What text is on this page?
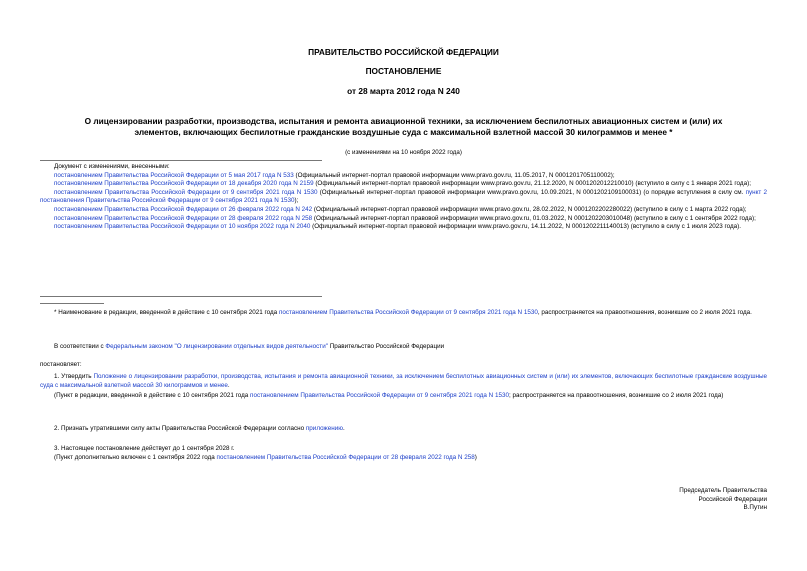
ПРАВИТЕЛЬСТВО РОССИЙСКОЙ ФЕДЕРАЦИИ
ПОСТАНОВЛЕНИЕ
от 28 марта 2012 года N 240
О лицензировании разработки, производства, испытания и ремонта авиационной техники, за исключением беспилотных авиационных систем и (или) их
элементов, включающих беспилотные гражданские воздушные суда с максимальной взлетной массой 30 килограммов и менее *
(с изменениями на 10 ноября 2022 года)
Документ с изменениями, внесенными:
постановлением Правительства Российской Федерации от 5 мая 2017 года N 533 (Официальный интернет-портал правовой информации www.pravo.gov.ru, 11.05.2017, N 0001201705110002);
постановлением Правительства Российской Федерации от 18 декабря 2020 года N 2159 (Официальный интернет-портал правовой информации www.pravo.gov.ru, 21.12.2020, N 0001202012210010) (вступило в силу с 1 января 2021 года);
постановлением Правительства Российской Федерации от 9 сентября 2021 года N 1530 (Официальный интернет-портал правовой информации www.pravo.gov.ru, 10.09.2021, N 0001202109100031) (о порядке вступления в силу см. пункт 2 постановления Правительства Российской Федерации от 9 сентября 2021 года N 1530);
постановлением Правительства Российской Федерации от 26 февраля 2022 года N 242 (Официальный интернет-портал правовой информации www.pravo.gov.ru, 28.02.2022, N 0001202202280022) (вступило в силу с 1 марта 2022 года);
постановлением Правительства Российской Федерации от 28 февраля 2022 года N 258 (Официальный интернет-портал правовой информации www.pravo.gov.ru, 01.03.2022, N 0001202203010048) (вступило в силу с 1 сентября 2022 года);
постановлением Правительства Российской Федерации от 10 ноября 2022 года N 2040 (Официальный интернет-портал правовой информации www.pravo.gov.ru, 14.11.2022, N 0001202211140013) (вступило в силу с 1 июля 2023 года).
* Наименование в редакции, введенной в действие с 10 сентября 2021 года постановлением Правительства Российской Федерации от 9 сентября 2021 года N 1530, распространяется на правоотношения, возникшие со 2 июля 2021 года.
В соответствии с Федеральным законом "О лицензировании отдельных видов деятельности" Правительство Российской Федерации
постановляет:
1. Утвердить Положение о лицензировании разработки, производства, испытания и ремонта авиационной техники, за исключением беспилотных авиационных систем и (или) их элементов, включающих беспилотные гражданские воздушные суда с максимальной взлетной массой 30 килограммов и менее.
(Пункт в редакции, введенной в действие с 10 сентября 2021 года постановлением Правительства Российской Федерации от 9 сентября 2021 года N 1530; распространяется на правоотношения, возникшие со 2 июля 2021 года)
2. Признать утратившими силу акты Правительства Российской Федерации согласно приложению.
3. Настоящее постановление действует до 1 сентября 2028 г.
(Пункт дополнительно включен с 1 сентября 2022 года постановлением Правительства Российской Федерации от 28 февраля 2022 года N 258)
Председатель Правительства
Российской Федерации
В.Путин
